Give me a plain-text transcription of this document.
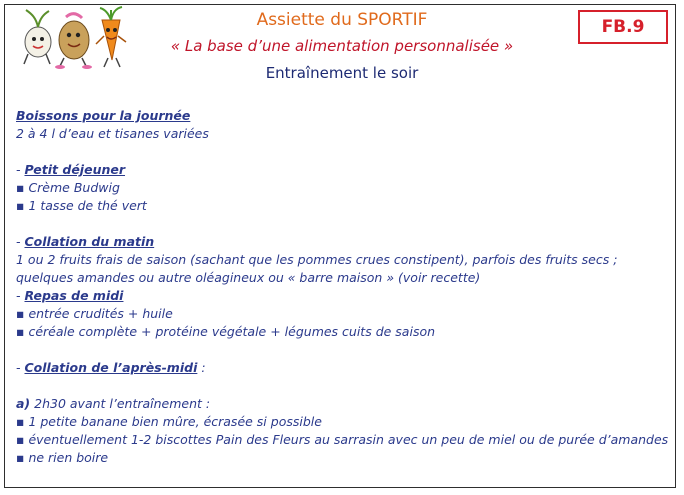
Assiette du SPORTIF
« La base d’une alimentation personnalisée »
Entraînement le soir
FB.9
Boissons pour la journée
2 à 4 l d’eau et tisanes variées
- Petit déjeuner
▪ Crème Budwig
▪ 1 tasse de thé vert
- Collation du matin
1 ou 2 fruits frais de saison (sachant que les pommes crues constipent), parfois des fruits secs ; quelques amandes ou autre oléagineux ou « barre maison » (voir recette)
- Repas de midi
▪ entrée crudités + huile
▪ céréale complète + protéine végétale + légumes cuits de saison
- Collation de l’après-midi :
a) 2h30 avant l’entraînement :
▪ 1 petite banane bien mûre, écrasée si possible
▪ éventuellement 1-2 biscottes Pain des Fleurs au sarrasin avec un peu de miel ou de purée d’amandes
▪ ne rien boire
